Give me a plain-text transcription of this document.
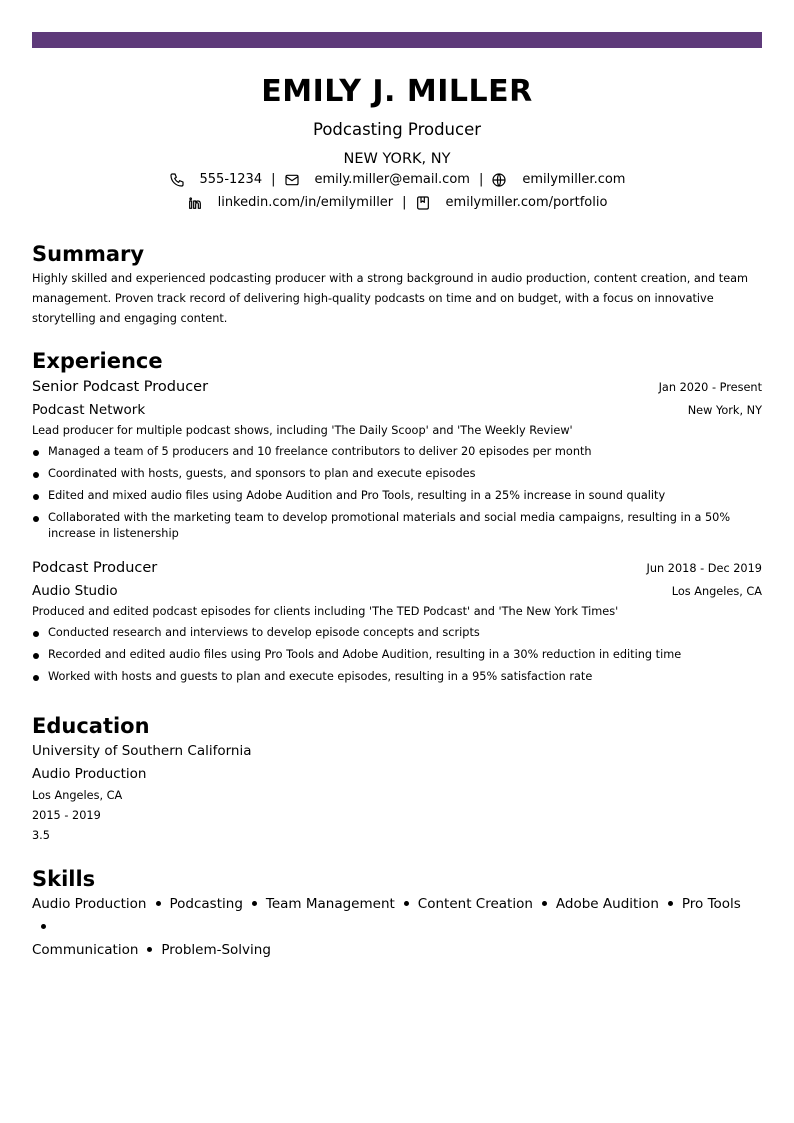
EMILY J. MILLER
Podcasting Producer
NEW YORK, NY
555-1234 |	emily.miller@email.com |	emilymiller.com
linkedin.com/in/emilymiller |	emilymiller.com/portfolio
Summary

Highly skilled and experienced podcasting producer with a strong background in audio production, content creation, and team management. Proven track record of delivering high-quality podcasts on time and on budget, with a focus on innovative storytelling and engaging content.

Experience
Senior Podcast Producer	Jan 2020 - Present
Podcast Network	New York, NY

Lead producer for multiple podcast shows, including 'The Daily Scoop' and 'The Weekly Review'

Managed a team of 5 producers and 10 freelance contributors to deliver 20 episodes per month
Coordinated with hosts, guests, and sponsors to plan and execute episodes
Edited and mixed audio files using Adobe Audition and Pro Tools, resulting in a 25% increase in sound quality
Collaborated with the marketing team to develop promotional materials and social media campaigns, resulting in a 50% increase in listenership
Podcast Producer	Jun 2018 - Dec 2019
Audio Studio	Los Angeles, CA

Produced and edited podcast episodes for clients including 'The TED Podcast' and 'The New York Times'

Conducted research and interviews to develop episode concepts and scripts
Recorded and edited audio files using Pro Tools and Adobe Audition, resulting in a 30% reduction in editing time
Worked with hosts and guests to plan and execute episodes, resulting in a 95% satisfaction rate
Education
University of Southern California
Audio Production
Los Angeles, CA
2015 - 2019
3.5
Skills
Audio Production Podcasting Team Management Content Creation Adobe Audition Pro Tools
Communication Problem-Solving
